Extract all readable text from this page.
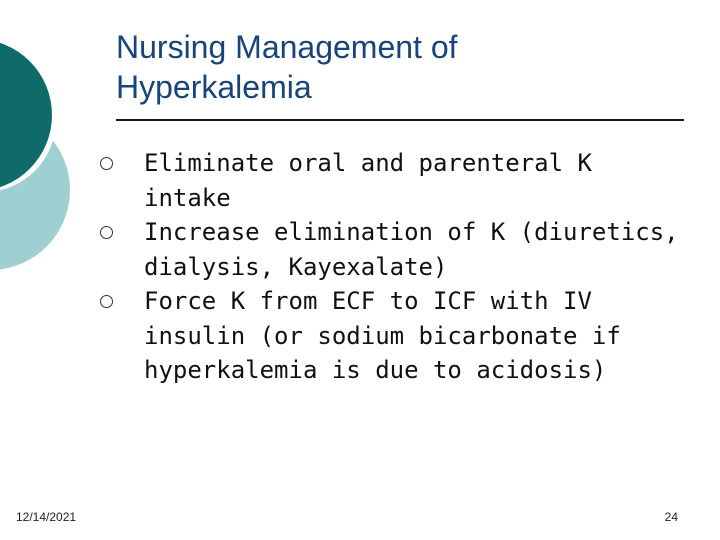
Nursing Management of
Hyperkalemia
Eliminate oral and parenteral K
intake
Increase elimination of K (diuretics,
dialysis, Kayexalate)
Force K from ECF to ICF with IV
insulin (or sodium bicarbonate if
hyperkalemia is due to acidosis)
12/14/2021	24
